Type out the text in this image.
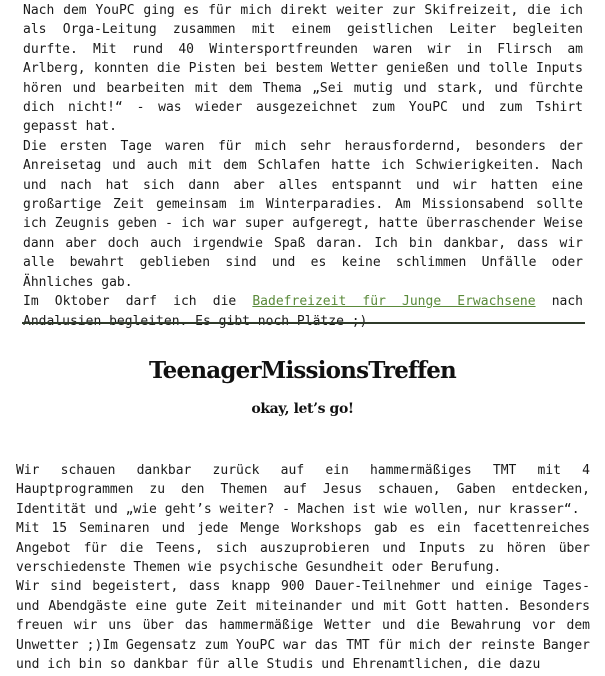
Nach dem YouPC ging es für mich direkt weiter zur Skifreizeit, die ich als Orga-Leitung zusammen mit einem geistlichen Leiter begleiten durfte. Mit rund 40 Wintersportfreunden waren wir in Flirsch am Arlberg, konnten die Pisten bei bestem Wetter genießen und tolle Inputs hören und bearbeiten mit dem Thema „Sei mutig und stark, und fürchte dich nicht!“ - was wieder ausgezeichnet zum YouPC und zum Tshirt gepasst hat.

Die ersten Tage waren für mich sehr herausfordernd, besonders der Anreisetag und auch mit dem Schlafen hatte ich Schwierigkeiten. Nach und nach hat sich dann aber alles entspannt und wir hatten eine großartige Zeit gemeinsam im Winterparadies. Am Missionsabend sollte ich Zeugnis geben - ich war super aufgeregt, hatte überraschender Weise dann aber doch auch irgendwie Spaß daran. Ich bin dankbar, dass wir alle bewahrt geblieben sind und es keine schlimmen Unfälle oder Ähnliches gab.

Im Oktober darf ich die Badefreizeit für Junge Erwachsene nach Andalusien begleiten. Es gibt noch Plätze ;)

TeenagerMissionsTreffen
okay, let’s go!

Wir schauen dankbar zurück auf ein hammermäßiges TMT mit 4 Hauptprogrammen zu den Themen auf Jesus schauen, Gaben entdecken, Identität und „wie geht’s weiter? - Machen ist wie wollen, nur krasser“.

Mit 15 Seminaren und jede Menge Workshops gab es ein facettenreiches Angebot für die Teens, sich auszuprobieren und Inputs zu hören über verschiedenste Themen wie psychische Gesundheit oder Berufung.

Wir sind begeistert, dass knapp 900 Dauer-Teilnehmer und einige Tages- und Abendgäste eine gute Zeit miteinander und mit Gott hatten. Besonders freuen wir uns über das hammermäßige Wetter und die Bewahrung vor dem Unwetter ;)Im Gegensatz zum YouPC war das TMT für mich der reinste Banger und ich bin so dankbar für alle Studis und Ehrenamtlichen, die dazu
